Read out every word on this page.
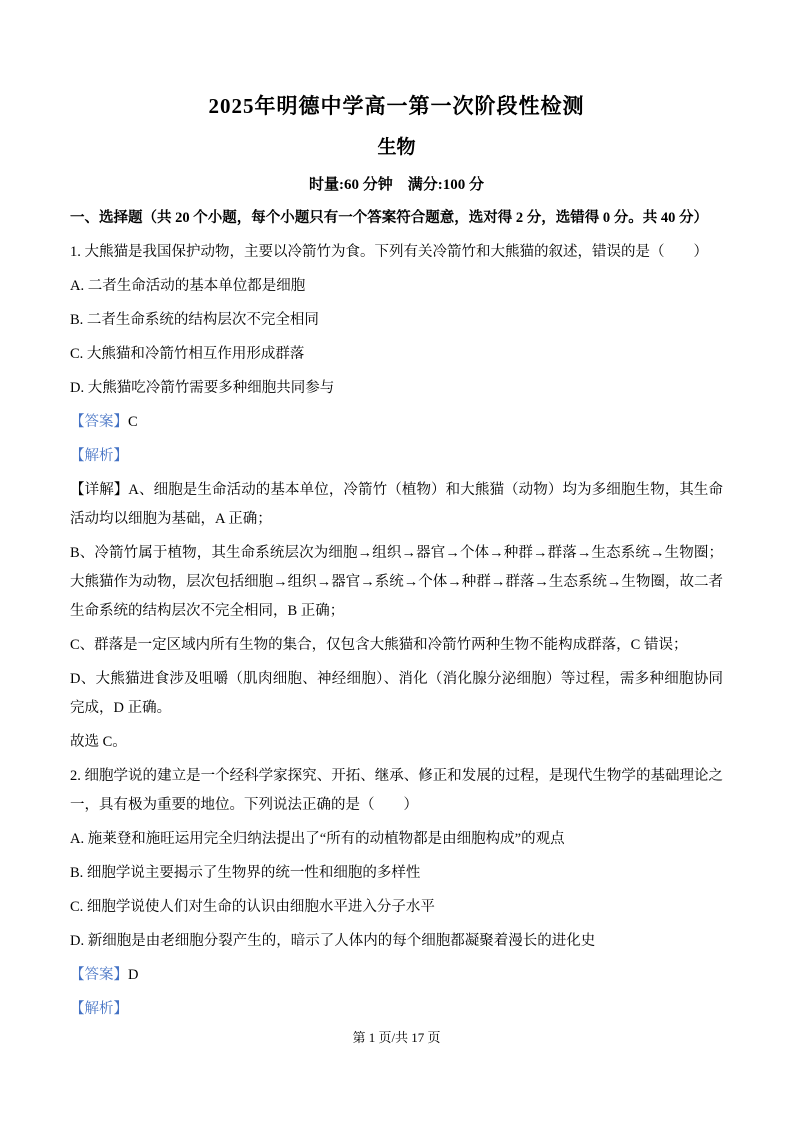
2025年明德中学高一第一次阶段性检测
生物
时量:60 分钟　满分:100 分
一、选择题（共 20 个小题，每个小题只有一个答案符合题意，选对得 2 分，选错得 0 分。共 40 分）
1. 大熊猫是我国保护动物，主要以冷箭竹为食。下列有关冷箭竹和大熊猫的叙述，错误的是（　　）
A. 二者生命活动的基本单位都是细胞
B. 二者生命系统的结构层次不完全相同
C. 大熊猫和冷箭竹相互作用形成群落
D. 大熊猫吃冷箭竹需要多种细胞共同参与
【答案】C
【解析】
【详解】A、细胞是生命活动的基本单位，冷箭竹（植物）和大熊猫（动物）均为多细胞生物，其生命活动均以细胞为基础，A 正确；
B、冷箭竹属于植物，其生命系统层次为细胞→组织→器官→个体→种群→群落→生态系统→生物圈；大熊猫作为动物，层次包括细胞→组织→器官→系统→个体→种群→群落→生态系统→生物圈，故二者生命系统的结构层次不完全相同，B 正确；
C、群落是一定区域内所有生物的集合，仅包含大熊猫和冷箭竹两种生物不能构成群落，C 错误；
D、大熊猫进食涉及咀嚼（肌肉细胞、神经细胞）、消化（消化腺分泌细胞）等过程，需多种细胞协同完成，D 正确。
故选 C。
2. 细胞学说的建立是一个经科学家探究、开拓、继承、修正和发展的过程，是现代生物学的基础理论之一，具有极为重要的地位。下列说法正确的是（　　）
A. 施莱登和施旺运用完全归纳法提出了“所有的动植物都是由细胞构成”的观点
B. 细胞学说主要揭示了生物界的统一性和细胞的多样性
C. 细胞学说使人们对生命的认识由细胞水平进入分子水平
D. 新细胞是由老细胞分裂产生的，暗示了人体内的每个细胞都凝聚着漫长的进化史
【答案】D
【解析】
第 1 页/共 17 页
